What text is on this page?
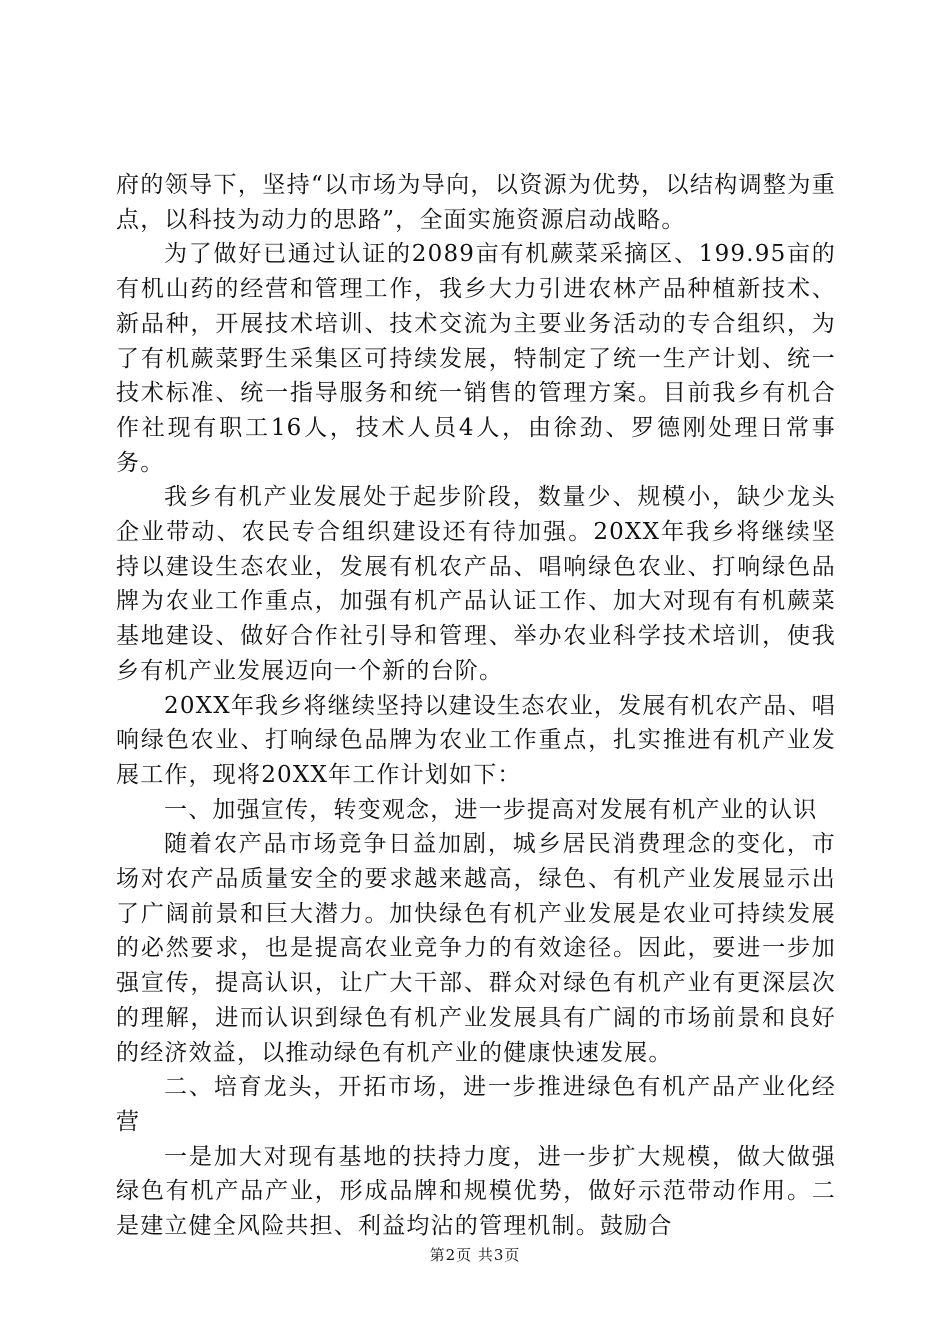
府的领导下，坚持“以市场为导向，以资源为优势，以结构调整为重点，以科技为动力的思路”，全面实施资源启动战略。

为了做好已通过认证的2089亩有机蕨菜采摘区、199.95亩的有机山药的经营和管理工作，我乡大力引进农林产品种植新技术、新品种，开展技术培训、技术交流为主要业务活动的专合组织，为了有机蕨菜野生采集区可持续发展，特制定了统一生产计划、统一技术标准、统一指导服务和统一销售的管理方案。目前我乡有机合作社现有职工16人，技术人员4人，由徐劲、罗德刚处理日常事务。

我乡有机产业发展处于起步阶段，数量少、规模小，缺少龙头企业带动、农民专合组织建设还有待加强。20XX年我乡将继续坚持以建设生态农业，发展有机农产品、唱响绿色农业、打响绿色品牌为农业工作重点，加强有机产品认证工作、加大对现有有机蕨菜基地建设、做好合作社引导和管理、举办农业科学技术培训，使我乡有机产业发展迈向一个新的台阶。

20XX年我乡将继续坚持以建设生态农业，发展有机农产品、唱响绿色农业、打响绿色品牌为农业工作重点，扎实推进有机产业发展工作，现将20XX年工作计划如下：

一、加强宣传，转变观念，进一步提高对发展有机产业的认识

随着农产品市场竞争日益加剧，城乡居民消费理念的变化，市场对农产品质量安全的要求越来越高，绿色、有机产业发展显示出了广阔前景和巨大潜力。加快绿色有机产业发展是农业可持续发展的必然要求，也是提高农业竞争力的有效途径。因此，要进一步加强宣传，提高认识，让广大干部、群众对绿色有机产业有更深层次的理解，进而认识到绿色有机产业发展具有广阔的市场前景和良好的经济效益，以推动绿色有机产业的健康快速发展。

二、培育龙头，开拓市场，进一步推进绿色有机产品产业化经营

一是加大对现有基地的扶持力度，进一步扩大规模，做大做强绿色有机产品产业，形成品牌和规模优势，做好示范带动作用。二是建立健全风险共担、利益均沾的管理机制。鼓励合

第2页 共3页
